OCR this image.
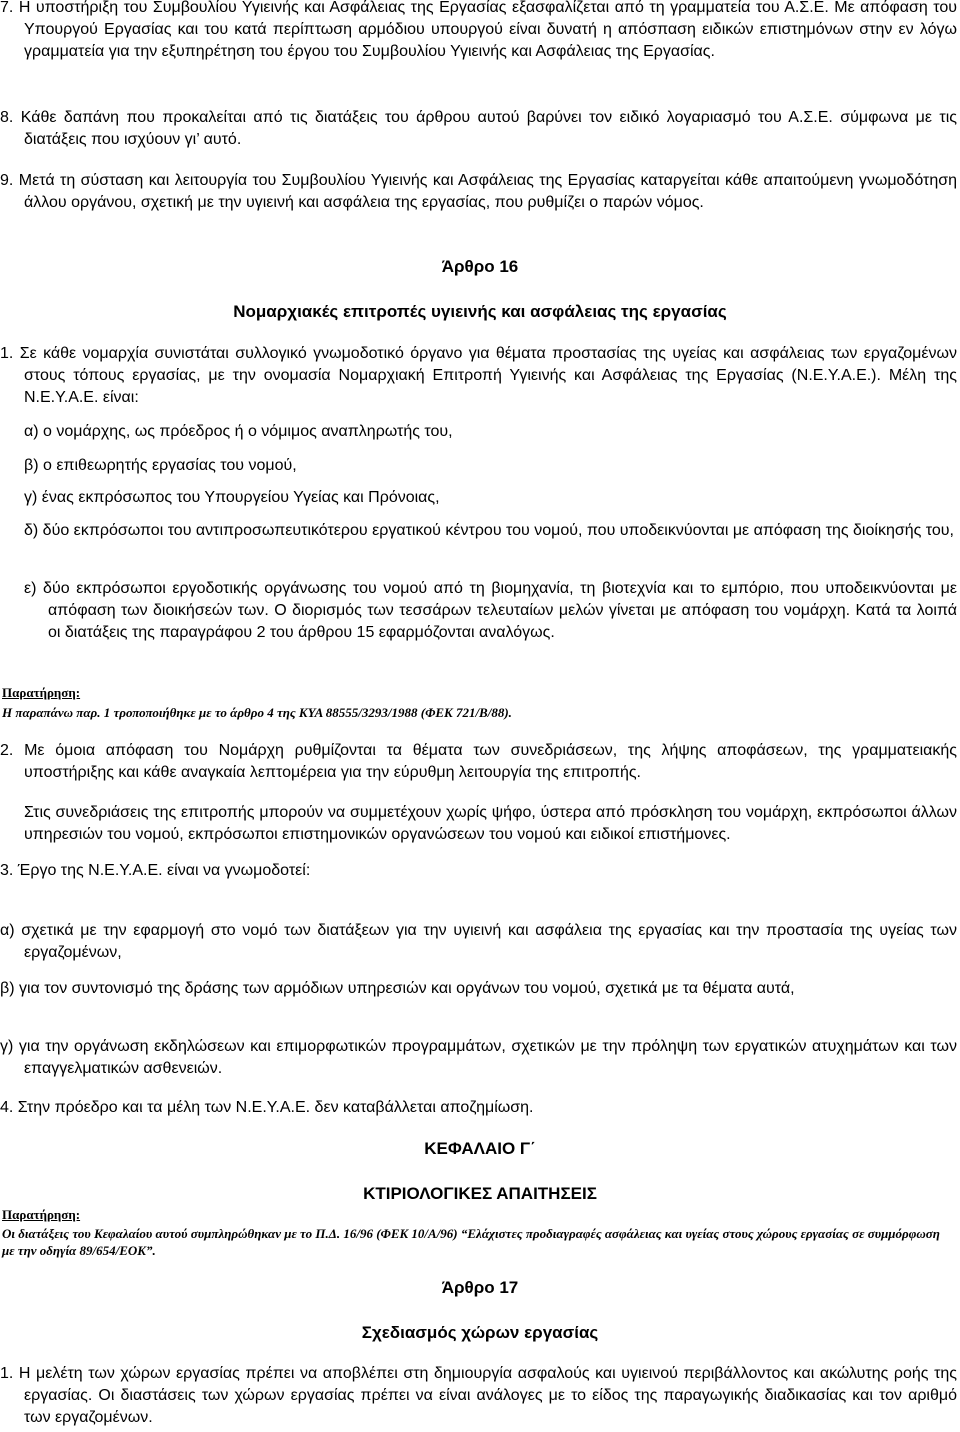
7. Η υποστήριξη του Συμβουλίου Υγιεινής και Ασφάλειας της Εργασίας εξασφαλίζεται από τη γραμματεία του Α.Σ.Ε. Με απόφαση του Υπουργού Εργασίας και του κατά περίπτωση αρμόδιου υπουργού είναι δυνατή η απόσπαση ειδικών επιστημόνων στην εν λόγω γραμματεία για την εξυπηρέτηση του έργου του Συμβουλίου Υγιεινής και Ασφάλειας της Εργασίας.

8. Κάθε δαπάνη που προκαλείται από τις διατάξεις του άρθρου αυτού βαρύνει τον ειδικό λογαριασμό του Α.Σ.Ε. σύμφωνα με τις διατάξεις που ισχύουν γι’ αυτό.

9. Μετά τη σύσταση και λειτουργία του Συμβουλίου Υγιεινής και Ασφάλειας της Εργασίας καταργείται κάθε απαιτούμενη γνωμοδότηση άλλου οργάνου, σχετική με την υγιεινή και ασφάλεια της εργασίας, που ρυθμίζει ο παρών νόμος.

Άρθρο 16

Νομαρχιακές επιτροπές υγιεινής και ασφάλειας της εργασίας

1. Σε κάθε νομαρχία συνιστάται συλλογικό γνωμοδοτικό όργανο για θέματα προστασίας της υγείας και ασφάλειας των εργαζομένων στους τόπους εργασίας, με την ονομασία Νομαρχιακή Επιτροπή Υγιεινής και Ασφάλειας της Εργασίας (Ν.Ε.Υ.Α.Ε.). Μέλη της Ν.Ε.Υ.Α.Ε. είναι:

α) ο νομάρχης, ως πρόεδρος ή ο νόμιμος αναπληρωτής του,

β) ο επιθεωρητής εργασίας του νομού,

γ) ένας εκπρόσωπος του Υπουργείου Υγείας και Πρόνοιας,

δ) δύο εκπρόσωποι του αντιπροσωπευτικότερου εργατικού κέντρου του νομού, που υποδεικνύονται με απόφαση της διοίκησής του,

ε) δύο εκπρόσωποι εργοδοτικής οργάνωσης του νομού από τη βιομηχανία, τη βιοτεχνία και το εμπόριο, που υποδεικνύονται με απόφαση των διοικήσεών των. Ο διορισμός των τεσσάρων τελευταίων μελών γίνεται με απόφαση του νομάρχη. Κατά τα λοιπά οι διατάξεις της παραγράφου 2 του άρθρου 15 εφαρμόζονται αναλόγως.

Παρατήρηση:
Η παραπάνω παρ. 1 τροποποιήθηκε με το άρθρο 4 της ΚΥΑ 88555/3293/1988 (ΦΕΚ 721/Β/88).

2. Με όμοια απόφαση του Νομάρχη ρυθμίζονται τα θέματα των συνεδριάσεων, της λήψης αποφάσεων, της γραμματειακής υποστήριξης και κάθε αναγκαία λεπτομέρεια για την εύρυθμη λειτουργία της επιτροπής.

Στις συνεδριάσεις της επιτροπής μπορούν να συμμετέχουν χωρίς ψήφο, ύστερα από πρόσκληση του νομάρχη, εκπρόσωποι άλλων υπηρεσιών του νομού, εκπρόσωποι επιστημονικών οργανώσεων του νομού και ειδικοί επιστήμονες.

3. Έργο της Ν.Ε.Υ.Α.Ε. είναι να γνωμοδοτεί:

α) σχετικά με την εφαρμογή στο νομό των διατάξεων για την υγιεινή και ασφάλεια της εργασίας και την προστασία της υγείας των εργαζομένων,

β) για τον συντονισμό της δράσης των αρμόδιων υπηρεσιών και οργάνων του νομού, σχετικά με τα θέματα αυτά,

γ) για την οργάνωση εκδηλώσεων και επιμορφωτικών προγραμμάτων, σχετικών με την πρόληψη των εργατικών ατυχημάτων και των επαγγελματικών ασθενειών.

4. Στην πρόεδρο και τα μέλη των Ν.Ε.Υ.Α.Ε. δεν καταβάλλεται αποζημίωση.

ΚΕΦΑΛΑΙΟ Γ΄

ΚΤΙΡΙΟΛΟΓΙΚΕΣ ΑΠΑΙΤΗΣΕΙΣ

Παρατήρηση:
Οι διατάξεις του Κεφαλαίου αυτού συμπληρώθηκαν με το Π.Δ. 16/96 (ΦΕΚ 10/Α/96) “Ελάχιστες προδιαγραφές ασφάλειας και υγείας στους χώρους εργασίας σε συμμόρφωση με την οδηγία 89/654/ΕΟΚ”.

Άρθρο 17

Σχεδιασμός χώρων εργασίας

1. Η μελέτη των χώρων εργασίας πρέπει να αποβλέπει στη δημιουργία ασφαλούς και υγιεινού περιβάλλοντος και ακώλυτης ροής της εργασίας. Οι διαστάσεις των χώρων εργασίας πρέπει να είναι ανάλογες με το είδος της παραγωγικής διαδικασίας και τον αριθμό των εργαζομένων.
